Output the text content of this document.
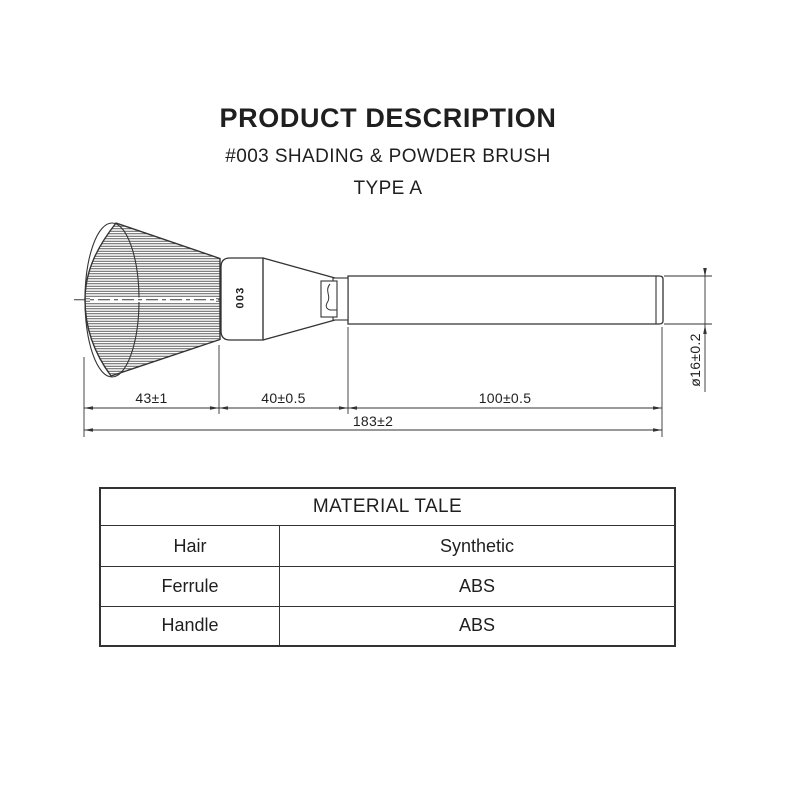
PRODUCT DESCRIPTION
#003 SHADING & POWDER BRUSH
TYPE A
003
43±1	40±0.5	100±0.5
183±2
ø16±0.2
MATERIAL TALE
Hair	Synthetic
Ferrule	ABS
Handle	ABS
